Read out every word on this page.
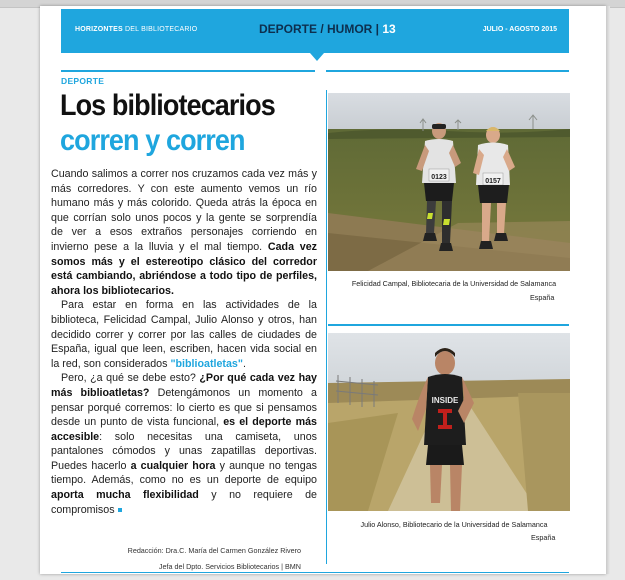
HORIZONTES DEL BIBLIOTECARIO	DEPORTE / HUMOR | 13	JULIO - AGOSTO 2015
DEPORTE
Los bibliotecarios
corren y corren

Cuando salimos a correr nos cruzamos cada vez más y más corredores. Y con este aumento vemos un río humano más y más colorido. Queda atrás la época en que corrían solo unos pocos y la gente se sorprendía de ver a esos extraños personajes corriendo en invierno pese a la lluvia y el mal tiempo. Cada vez somos más y el estereotipo clásico del corredor está cambiando, abriéndose a todo tipo de perfiles, ahora los bibliotecarios.

Para estar en forma en las actividades de la biblioteca, Felicidad Campal, Julio Alonso y otros, han decidido correr y correr por las calles de ciudades de España, igual que leen, escriben, hacen vida social en la red, son considerados "biblioatletas".

Pero, ¿a qué se debe esto? ¿Por qué cada vez hay más biblioatletas? Detengámonos un momento a pensar porqué corremos: lo cierto es que si pensamos desde un punto de vista funcional, es el deporte más accesible: solo necesitas una camiseta, unos pantalones cómodos y unas zapatillas deportivas. Puedes hacerlo a cualquier hora y aunque no tengas tiempo. Además, como no es un deporte de equipo aporta mucha flexibilidad y no requiere de compromisos

Redacción: Dra.C. María del Carmen González Rivero
Jefa del Dpto. Servicios Bibliotecarios | BMN
0123
0157
Felicidad Campal, Bibliotecaria de la Universidad de Salamanca
España
INSIDE
Julio Alonso, Bibliotecario de la Universidad de Salamanca
España
